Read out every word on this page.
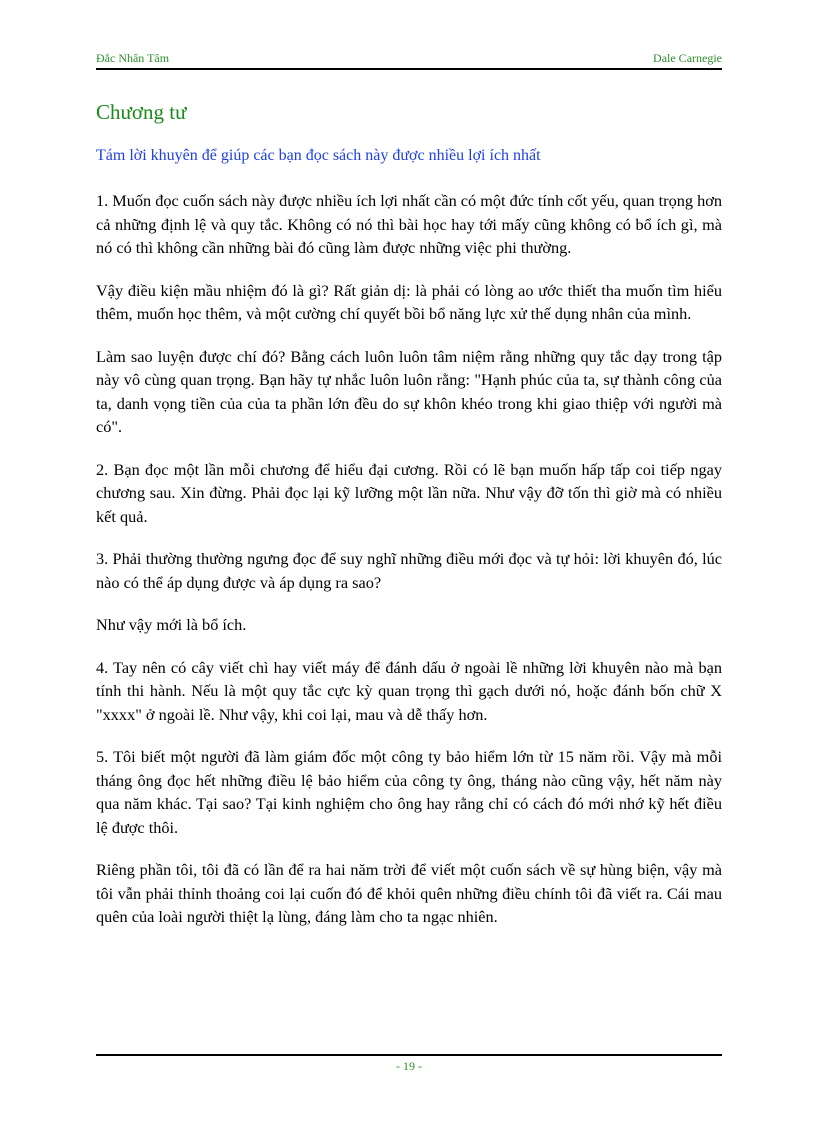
Đắc Nhân Tâm	Dale Carnegie
Chương tư
Tám lời khuyên để giúp các bạn đọc sách này được nhiều lợi ích nhất

1. Muốn đọc cuốn sách này được nhiều ích lợi nhất cần có một đức tính cốt yếu, quan trọng hơn cả những định lệ và quy tắc. Không có nó thì bài học hay tới mấy cũng không có bổ ích gì, mà nó có thì không cần những bài đó cũng làm được những việc phi thường.

Vậy điều kiện mầu nhiệm đó là gì? Rất giản dị: là phải có lòng ao ước thiết tha muốn tìm hiểu thêm, muốn học thêm, và một cường chí quyết bồi bổ năng lực xử thế dụng nhân của mình.

Làm sao luyện được chí đó? Bằng cách luôn luôn tâm niệm rằng những quy tắc dạy trong tập này vô cùng quan trọng. Bạn hãy tự nhắc luôn luôn rằng: "Hạnh phúc của ta, sự thành công của ta, danh vọng tiền của của ta phần lớn đều do sự khôn khéo trong khi giao thiệp với người mà có".

2. Bạn đọc một lần mỗi chương để hiểu đại cương. Rồi có lẽ bạn muốn hấp tấp coi tiếp ngay chương sau. Xin đừng. Phải đọc lại kỹ lưỡng một lần nữa. Như vậy đỡ tốn thì giờ mà có nhiều kết quả.

3. Phải thường thường ngưng đọc để suy nghĩ những điều mới đọc và tự hỏi: lời khuyên đó, lúc nào có thể áp dụng được và áp dụng ra sao?

Như vậy mới là bổ ích.

4. Tay nên có cây viết chì hay viết máy để đánh dấu ở ngoài lề những lời khuyên nào mà bạn tính thi hành. Nếu là một quy tắc cực kỳ quan trọng thì gạch dưới nó, hoặc đánh bốn chữ X "xxxx" ở ngoài lề. Như vậy, khi coi lại, mau và dễ thấy hơn.

5. Tôi biết một người đã làm giám đốc một công ty bảo hiểm lớn từ 15 năm rồi. Vậy mà mỗi tháng ông đọc hết những điều lệ bảo hiểm của công ty ông, tháng nào cũng vậy, hết năm này qua năm khác. Tại sao? Tại kinh nghiệm cho ông hay rằng chỉ có cách đó mới nhớ kỹ hết điều lệ được thôi.

Riêng phần tôi, tôi đã có lần để ra hai năm trời để viết một cuốn sách về sự hùng biện, vậy mà tôi vẫn phải thỉnh thoảng coi lại cuốn đó để khỏi quên những điều chính tôi đã viết ra. Cái mau quên của loài người thiệt lạ lùng, đáng làm cho ta ngạc nhiên.

- 19 -
